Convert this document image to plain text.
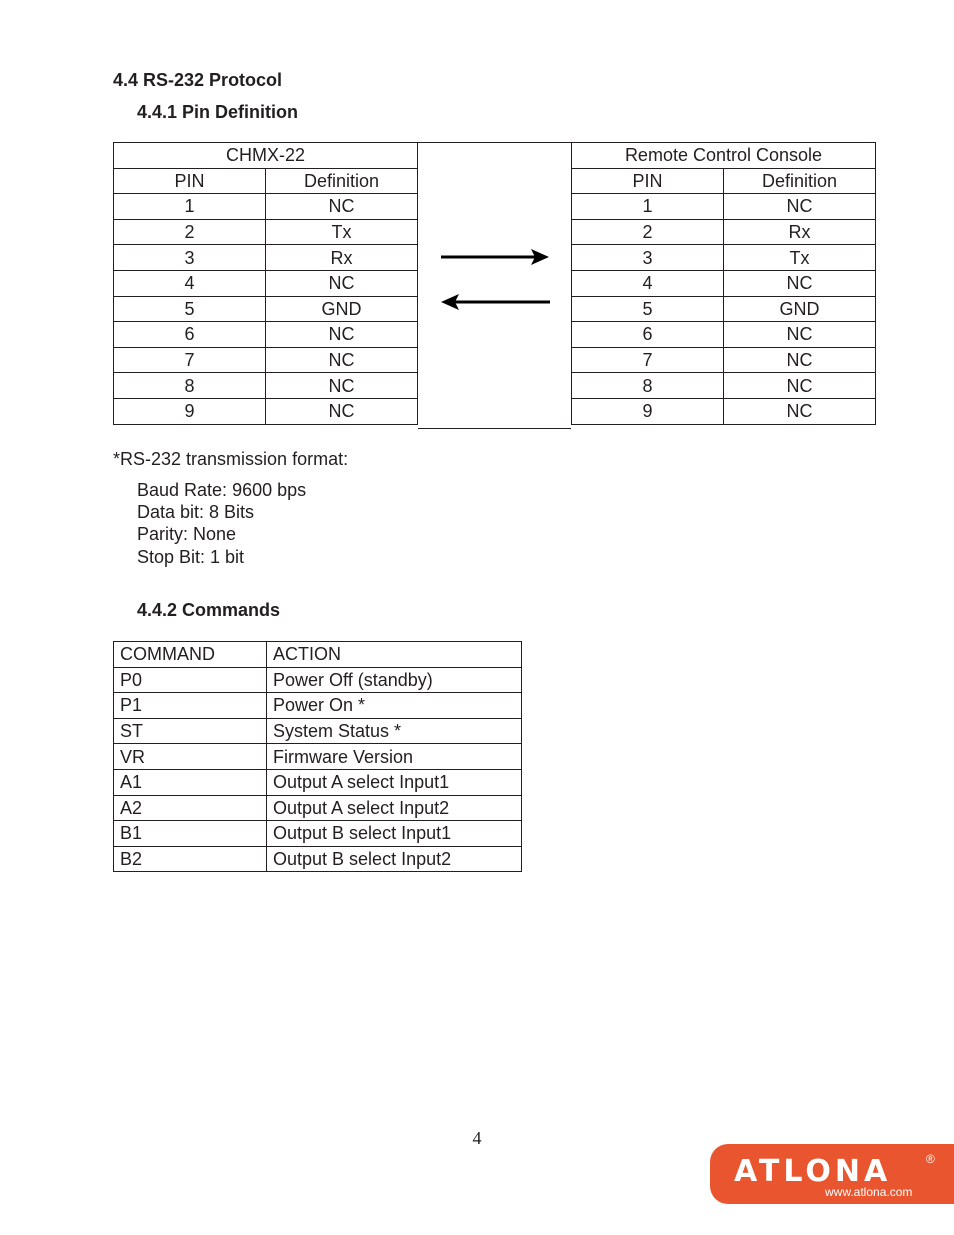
4.4 RS-232 Protocol
4.4.1 Pin Definition
CHMX-22	
PIN	Definition
1	NC
2	Tx
3	Rx
4	NC
5	GND
6	NC
7	NC
8	NC
9	NC
Remote Control Console	
PIN	Definition
1	NC
2	Rx
3	Tx
4	NC
5	GND
6	NC
7	NC
8	NC
9	NC
*RS-232 transmission format:
Baud Rate: 9600 bps
Data bit: 8 Bits
Parity: None
Stop Bit: 1 bit
4.4.2 Commands
COMMAND	ACTION
P0	Power Off (standby)
P1	Power On *
ST	System Status *
VR	Firmware Version
A1	Output A select Input1
A2	Output A select Input2
B1	Output B select Input1
B2	Output B select Input2
4
ATLONA	®
www.atlona.com
